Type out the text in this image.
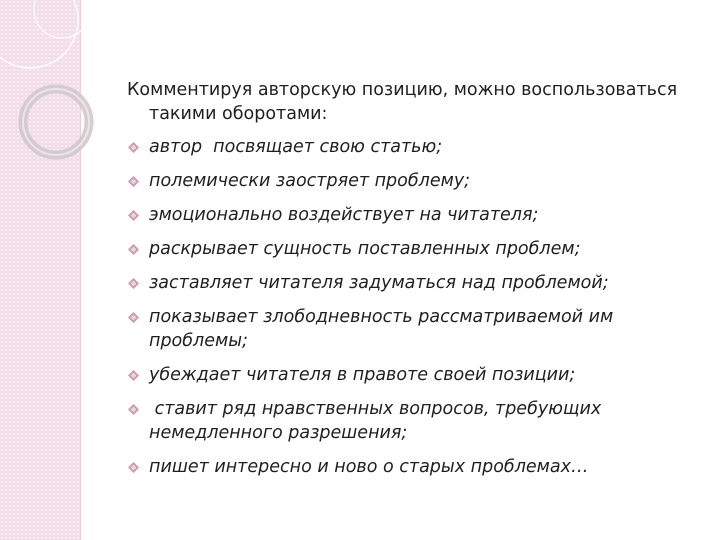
Комментируя авторскую позицию, можно воспользоваться такими оборотами:

автор  посвящает свою статью;
полемически заостряет проблему;
эмоционально воздействует на читателя;
раскрывает сущность поставленных проблем;
заставляет читателя задуматься над проблемой;
показывает злободневность рассматриваемой им проблемы;
убеждает читателя в правоте своей позиции;
ставит ряд нравственных вопросов, требующих немедленного разрешения;
пишет интересно и ново о старых проблемах…
